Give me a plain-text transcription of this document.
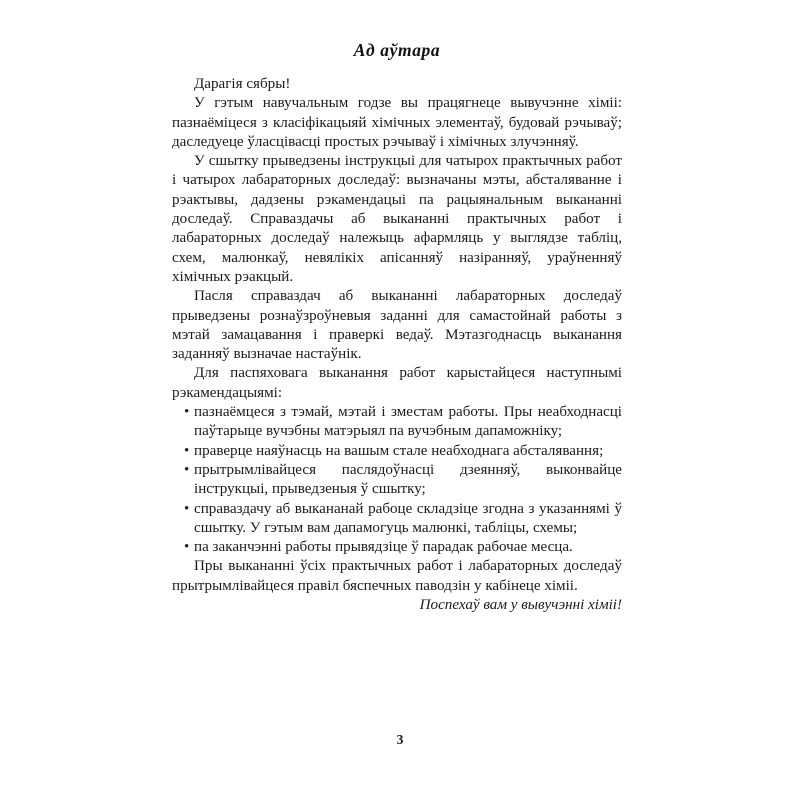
Ад аўтара

Дарагія сябры!

У гэтым навучальным годзе вы працягнеце вывучэнне хіміі: пазнаёміцеся з класіфікацыяй хімічных элементаў, будовай рэчываў; даследуеце ўласцівасці простых рэчываў і хімічных злучэнняў.

У сшытку прыведзены інструкцыі для чатырох практычных работ і чатырох лабараторных доследаў: вызначаны мэты, абсталяванне і рэактывы, дадзены рэкамендацыі па рацыянальным выкананні доследаў. Справаздачы аб выкананні практычных работ і лабараторных доследаў належыць афармляць у выглядзе табліц, схем, малюнкаў, невялікіх апісанняў назіранняў, ураўненняў хімічных рэакцый.

Пасля справаздач аб выкананні лабараторных доследаў прыведзены рознаўзроўневыя заданні для самастойнай работы з мэтай замацавання і праверкі ведаў. Мэтазгоднасць выканання заданняў вызначае настаўнік.

Для паспяховага выканання работ карыстайцеся наступнымі рэкамендацыямі:

• пазнаёмцеся з тэмай, мэтай і зместам работы. Пры неабходнасці паўтарыце вучэбны матэрыял па вучэбным дапаможніку;
• праверце наяўнасць на вашым стале неабходнага абсталявання;
• прытрымлівайцеся паслядоўнасці дзеянняў, выконвайце інструкцыі, прыведзеныя ў сшытку;
• справаздачу аб выкананай рабоце складзіце згодна з указаннямі ў сшытку. У гэтым вам дапамогуць малюнкі, табліцы, схемы;
• па заканчэнні работы прывядзіце ў парадак рабочае месца.

Пры выкананні ўсіх практычных работ і лабараторных доследаў прытрымлівайцеся правіл бяспечных паводзін у кабінеце хіміі.

Поспехаў вам у вывучэнні хіміі!

3
